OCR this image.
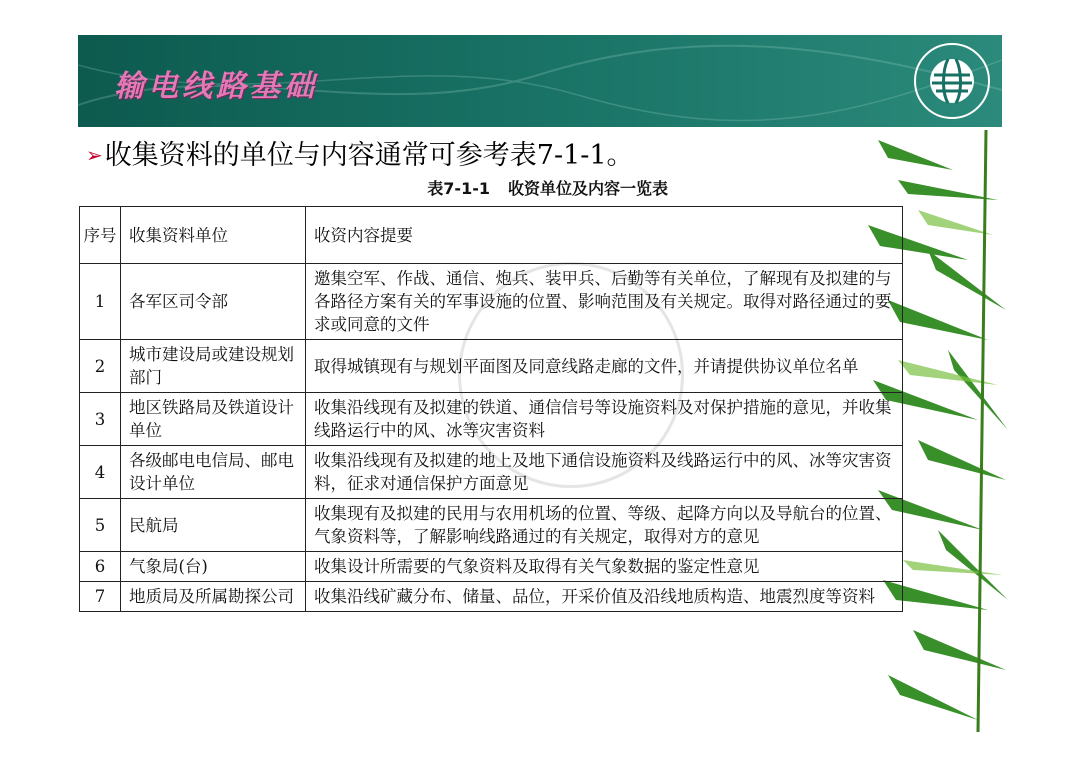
输电线路基础
➢收集资料的单位与内容通常可参考表7-1-1。
表7-1-1 收资单位及内容一览表
序号	收集资料单位	收资内容提要
1	各军区司令部	邀集空军、作战、通信、炮兵、装甲兵、后勤等有关单位，了解现有及拟建的与各路径方案有关的军事设施的位置、影响范围及有关规定。取得对路径通过的要求或同意的文件
2	城市建设局或建设规划部门	取得城镇现有与规划平面图及同意线路走廊的文件，并请提供协议单位名单
3	地区铁路局及铁道设计单位	收集沿线现有及拟建的铁道、通信信号等设施资料及对保护措施的意见，并收集线路运行中的风、冰等灾害资料
4	各级邮电电信局、邮电设计单位	收集沿线现有及拟建的地上及地下通信设施资料及线路运行中的风、冰等灾害资料，征求对通信保护方面意见
5	民航局	收集现有及拟建的民用与农用机场的位置、等级、起降方向以及导航台的位置、气象资料等，了解影响线路通过的有关规定，取得对方的意见
6	气象局(台)	收集设计所需要的气象资料及取得有关气象数据的鉴定性意见
7	地质局及所属勘探公司	收集沿线矿藏分布、储量、品位，开采价值及沿线地质构造、地震烈度等资料
